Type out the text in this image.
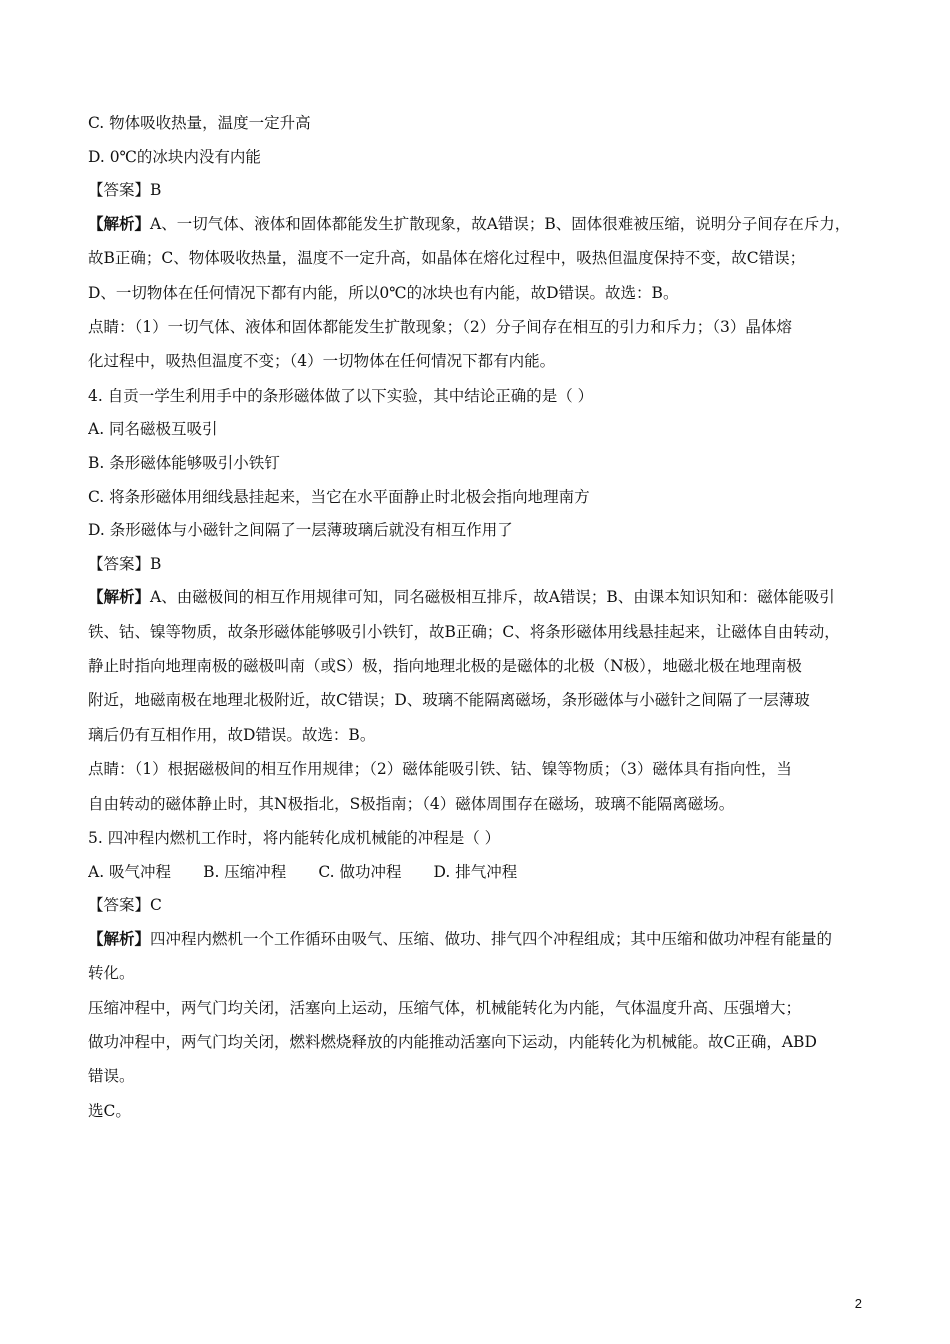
C. 物体吸收热量，温度一定升高
D. 0℃的冰块内没有内能
【答案】B
【解析】A、一切气体、液体和固体都能发生扩散现象，故A错误；B、固体很难被压缩，说明分子间存在斥力，
故B正确；C、物体吸收热量，温度不一定升高，如晶体在熔化过程中，吸热但温度保持不变，故C错误；
D、一切物体在任何情况下都有内能，所以0℃的冰块也有内能，故D错误。故选：B。
点睛：（1）一切气体、液体和固体都能发生扩散现象；（2）分子间存在相互的引力和斥力；（3）晶体熔
化过程中，吸热但温度不变；（4）一切物体在任何情况下都有内能。
4. 自贡一学生利用手中的条形磁体做了以下实验，其中结论正确的是（ ）
A. 同名磁极互吸引
B. 条形磁体能够吸引小铁钉
C. 将条形磁体用细线悬挂起来，当它在水平面静止时北极会指向地理南方
D. 条形磁体与小磁针之间隔了一层薄玻璃后就没有相互作用了
【答案】B
【解析】A、由磁极间的相互作用规律可知，同名磁极相互排斥，故A错误；B、由课本知识知和：磁体能吸引
铁、钴、镍等物质，故条形磁体能够吸引小铁钉，故B正确；C、将条形磁体用线悬挂起来，让磁体自由转动，
静止时指向地理南极的磁极叫南（或S）极，指向地理北极的是磁体的北极（N极），地磁北极在地理南极
附近，地磁南极在地理北极附近，故C错误；D、玻璃不能隔离磁场，条形磁体与小磁针之间隔了一层薄玻
璃后仍有互相作用，故D错误。故选：B。
点睛：（1）根据磁极间的相互作用规律；（2）磁体能吸引铁、钴、镍等物质；（3）磁体具有指向性，当
自由转动的磁体静止时，其N极指北，S极指南；（4）磁体周围存在磁场，玻璃不能隔离磁场。
5. 四冲程内燃机工作时，将内能转化成机械能的冲程是（ ）
A. 吸气冲程 B. 压缩冲程 C. 做功冲程 D. 排气冲程
【答案】C
【解析】四冲程内燃机一个工作循环由吸气、压缩、做功、排气四个冲程组成；其中压缩和做功冲程有能量的
转化。
压缩冲程中，两气门均关闭，活塞向上运动，压缩气体，机械能转化为内能，气体温度升高、压强增大；
做功冲程中，两气门均关闭，燃料燃烧释放的内能推动活塞向下运动，内能转化为机械能。故C正确，ABD
错误。
选C。
2
